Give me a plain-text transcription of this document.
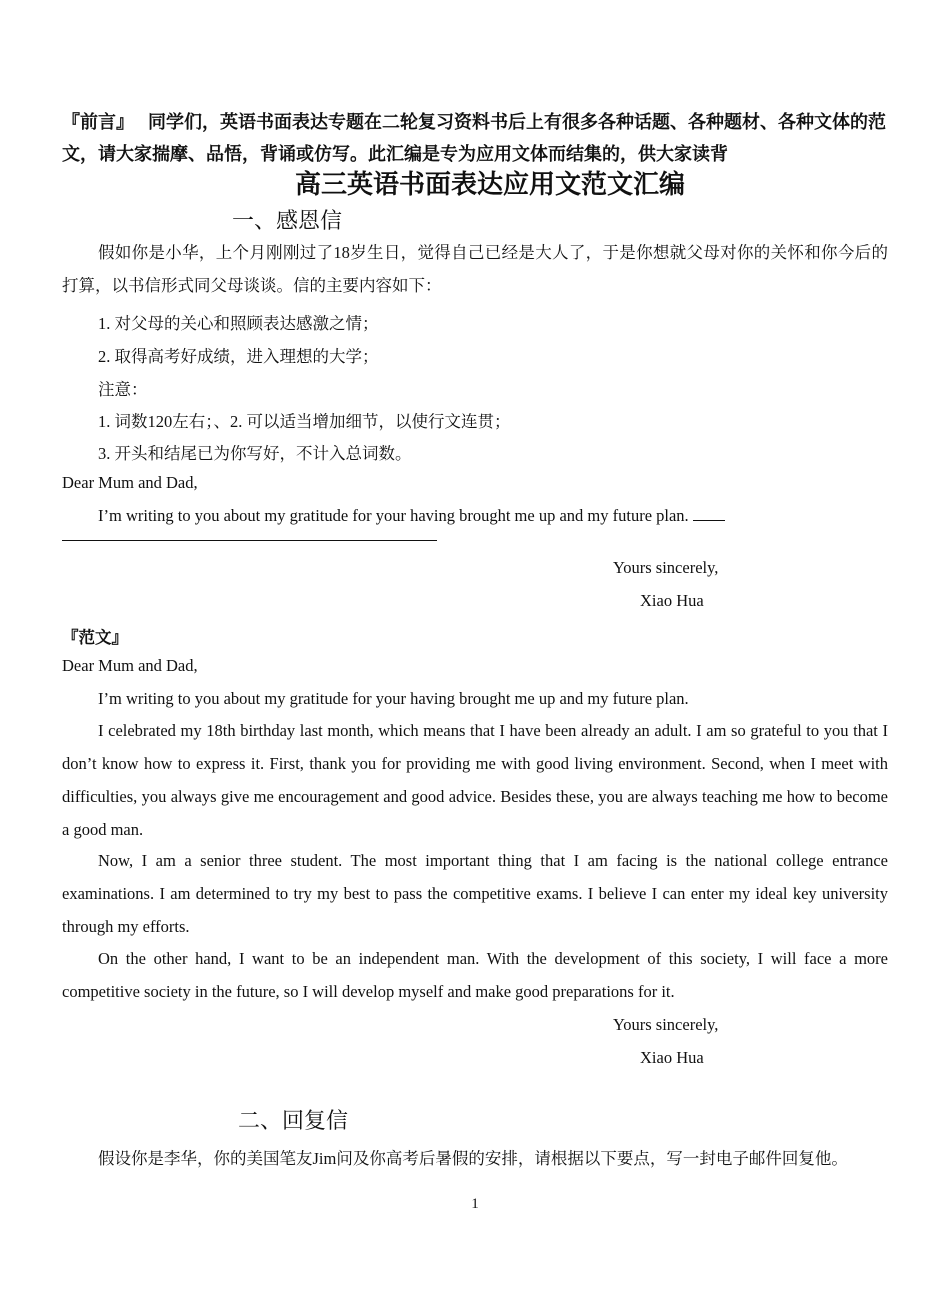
『前言』 同学们，英语书面表达专题在二轮复习资料书后上有很多各种话题、各种题材、各种文体的范文，请大家揣摩、品悟，背诵或仿写。此汇编是专为应用文体而结集的，供大家读背
高三英语书面表达应用文范文汇编
一、感恩信
假如你是小华，上个月刚刚过了18岁生日，觉得自己已经是大人了，于是你想就父母对你的关怀和你今后的打算，以书信形式同父母谈谈。信的主要内容如下：
1. 对父母的关心和照顾表达感激之情；
2. 取得高考好成绩，进入理想的大学；
注意：
1. 词数120左右；、2. 可以适当增加细节，以使行文连贯；
3. 开头和结尾已为你写好，不计入总词数。
Dear Mum and Dad,
I’m writing to you about my gratitude for your having brought me up and my future plan.
Yours sincerely,
Xiao Hua
『范文』
Dear Mum and Dad,
I’m writing to you about my gratitude for your having brought me up and my future plan.
I celebrated my 18th birthday last month, which means that I have been already an adult. I am so grateful to you that I don’t know how to express it. First, thank you for providing me with good living environment. Second, when I meet with difficulties, you always give me encouragement and good advice. Besides these, you are always teaching me how to become a good man.
Now, I am a senior three student. The most important thing that I am facing is the national college entrance examinations. I am determined to try my best to pass the competitive exams. I believe I can enter my ideal key university through my efforts.
On the other hand, I want to be an independent man. With the development of this society, I will face a more competitive society in the future, so I will develop myself and make good preparations for it.
Yours sincerely,
Xiao Hua
二、回复信
假设你是李华，你的美国笔友Jim问及你高考后暑假的安排，请根据以下要点，写一封电子邮件回复他。
1
